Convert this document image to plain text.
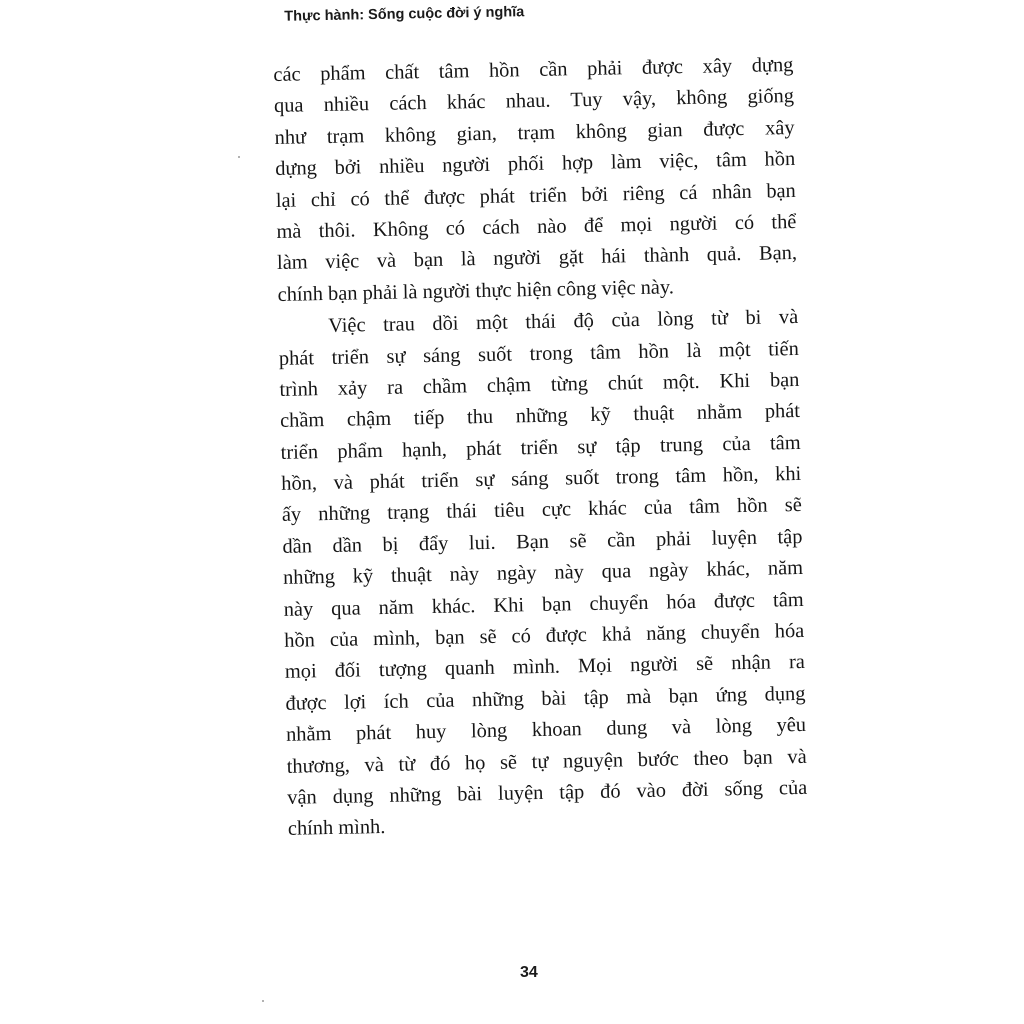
Thực hành: Sống cuộc đời ý nghĩa
các phẩm chất tâm hồn cần phải được xây dựng
qua nhiều cách khác nhau. Tuy vậy, không giống
như trạm không gian, trạm không gian được xây
dựng bởi nhiều người phối hợp làm việc, tâm hồn
lại chỉ có thể được phát triển bởi riêng cá nhân bạn
mà thôi. Không có cách nào để mọi người có thể
làm việc và bạn là người gặt hái thành quả. Bạn,
chính bạn phải là người thực hiện công việc này.
Việc trau dồi một thái độ của lòng từ bi và
phát triển sự sáng suốt trong tâm hồn là một tiến
trình xảy ra chầm chậm từng chút một. Khi bạn
chầm chậm tiếp thu những kỹ thuật nhằm phát
triển phẩm hạnh, phát triển sự tập trung của tâm
hồn, và phát triển sự sáng suốt trong tâm hồn, khi
ấy những trạng thái tiêu cực khác của tâm hồn sẽ
dần dần bị đẩy lui. Bạn sẽ cần phải luyện tập
những kỹ thuật này ngày này qua ngày khác, năm
này qua năm khác. Khi bạn chuyển hóa được tâm
hồn của mình, bạn sẽ có được khả năng chuyển hóa
mọi đối tượng quanh mình. Mọi người sẽ nhận ra
được lợi ích của những bài tập mà bạn ứng dụng
nhằm phát huy lòng khoan dung và lòng yêu
thương, và từ đó họ sẽ tự nguyện bước theo bạn và
vận dụng những bài luyện tập đó vào đời sống của
chính mình.
34
